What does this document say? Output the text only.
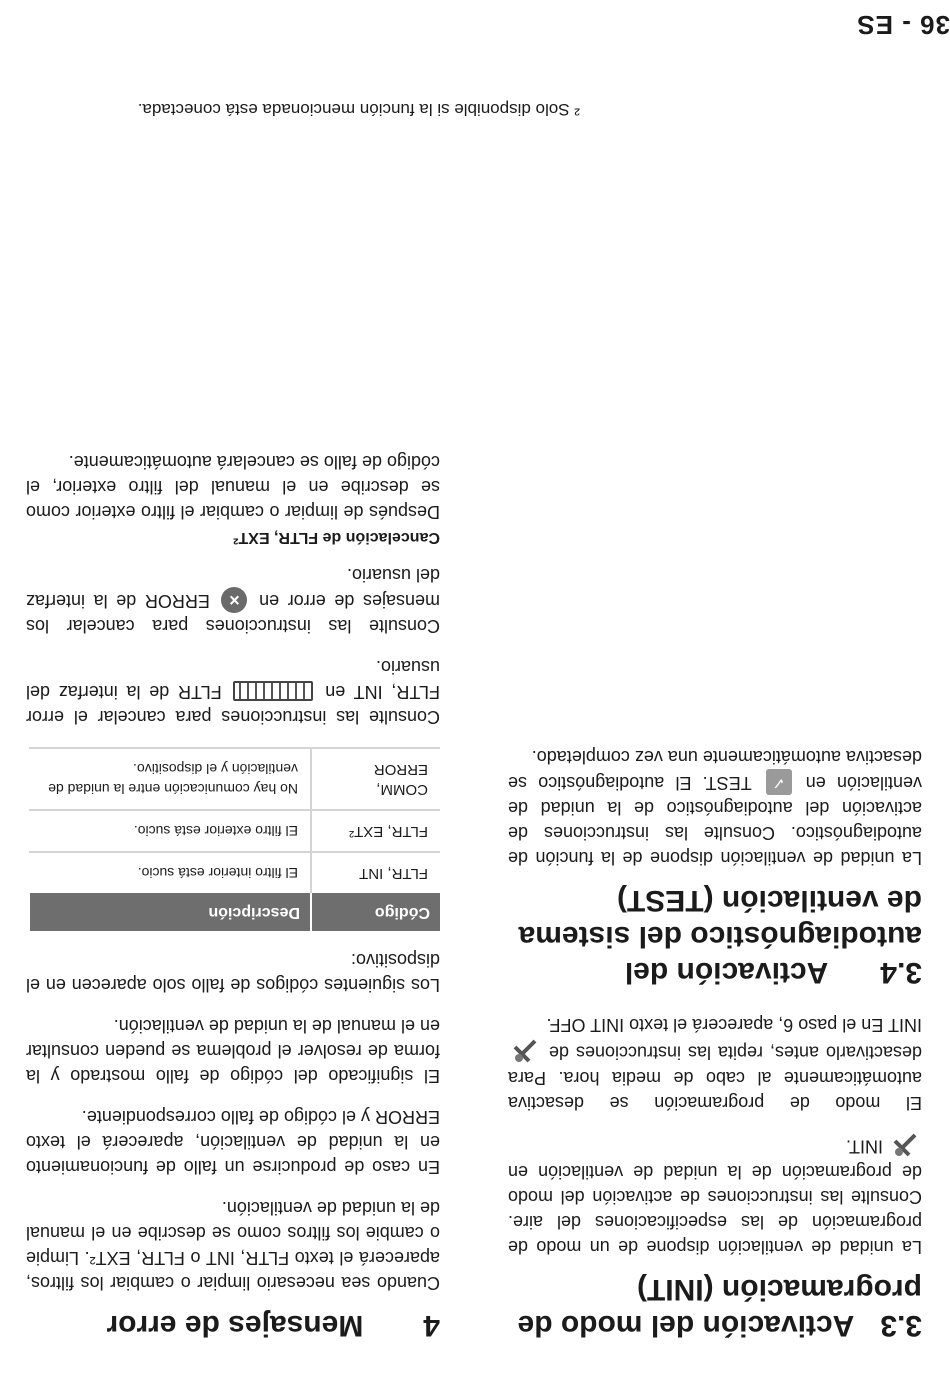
36 - ES
3.3Activación del modo de programación (INIT)

La unidad de ventilación dispone de un modo de programación de las especificaciones del aire. Consulte las instrucciones de activación del modo de programación de la unidad de ventilación en  INIT.

El modo de programación se desactiva automáticamente al cabo de media hora. Para desactivarlo antes, repita las instrucciones de  INIT En el paso 6, aparecerá el texto INIT OFF.

3.4Activación del autodiagnóstico del sistema de ventilación (TEST)

La unidad de ventilación dispone de la función de autodiagnóstico. Consulte las instrucciones de activación del autodiagnóstico de la unidad de ventilación en ✓ TEST. El autodiagnóstico se desactiva automáticamente una vez completado.

4Mensajes de error

Cuando sea necesario limpiar o cambiar los filtros, aparecerá el texto FLTR, INT o FLTR, EXT². Limpie o cambie los filtros como se describe en el manual de la unidad de ventilación.

En caso de producirse un fallo de funcionamiento en la unidad de ventilación, aparecerá el texto ERROR y el código de fallo correspondiente.

El significado del código de fallo mostrado y la forma de resolver el problema se pueden consultar en el manual de la unidad de ventilación.

Los siguientes códigos de fallo solo aparecen en el dispositivo:

Código	Descripción
FLTR, INT	El filtro interior está sucio.
FLTR, EXT²	El filtro exterior está sucio.
COMM, ERROR	No hay comunicación entre la unidad de ventilación y el dispositivo.

Consulte las instrucciones para cancelar el error FLTR, INT en  FLTR de la interfaz del usuario.

Consulte las instrucciones para cancelar los mensajes de error en × ERROR de la interfaz del usuario.

Cancelación de FLTR, EXT²

Después de limpiar o cambiar el filtro exterior como se describe en el manual del filtro exterior, el código de fallo se cancelará automáticamente.

² Solo disponible si la función mencionada está conectada.
